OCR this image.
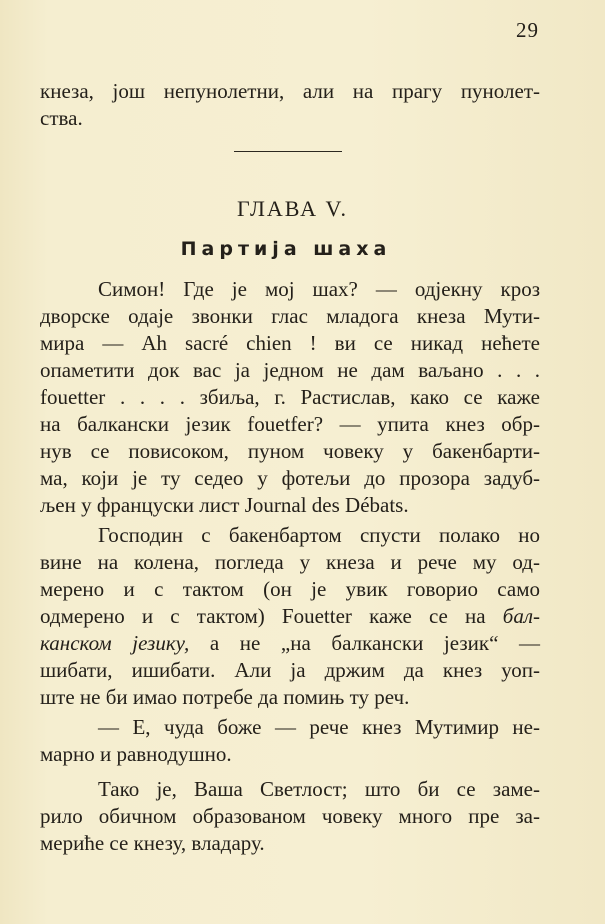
29
кнеза, још непунолетни, али на прагу пунолет-
ства.
ГЛАВА V.
Партија шаха
Симон! Где је мој шах? — одјекну кроз
дворске одаје звонки глас младога кнеза Мути-
мира — Ah sacré chien ! ви се никад нећете
опаметити док вас ја једном не дам ваљано . . .
fouetter . . . . збиља, г. Растислав, како се каже
на балкански језик fouetfer? — упита кнез обр-
нув се повисоком, пуном човеку у бакенбарти-
ма, који је ту седео у фотељи до прозора задуб-
љен у француски лист Journal des Débats.
Господин с бакенбартом спусти полако но
вине на колена, погледа у кнеза и рече му од-
мерено и с тактом (он је увик говорио само
одмерено и с тактом) Fouetter каже се на бал-
канском језику, а не „на балкански језик“ —
шибати, ишибати. Али ја држим да кнез уоп-
ште не би имао потребе да помињ ту реч.
— Е, чуда боже — рече кнез Мутимир не-
марно и равнодушно.
Тако је, Ваша Светлост; што би се заме-
рило обичном образованом човеку много пре за-
мериће се кнезу, владару.
